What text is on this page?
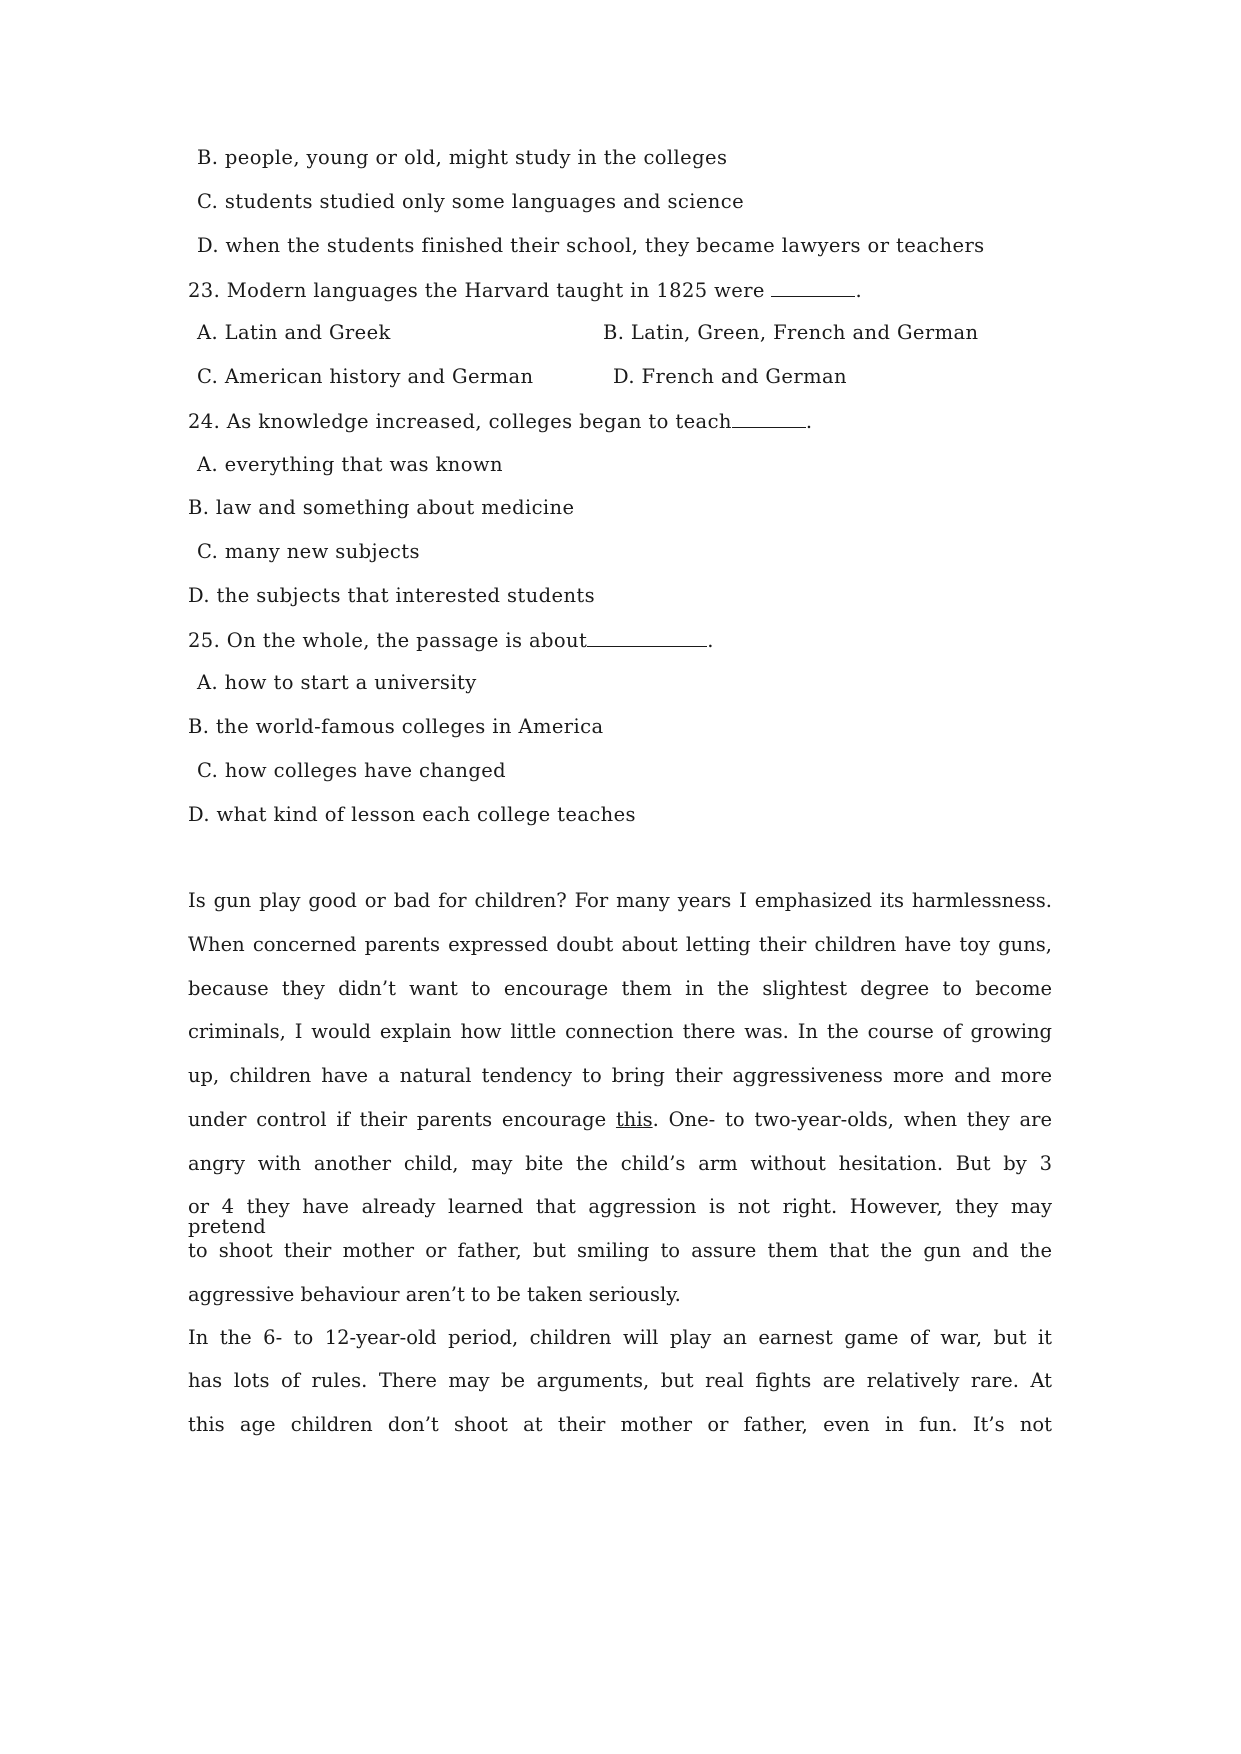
B. people, young or old, might study in the colleges
C. students studied only some languages and science
D. when the students finished their school, they became lawyers or teachers
23. Modern languages the Harvard taught in 1825 were	.
A. Latin and Greek	B. Latin, Green, French and German
C. American history and German	D. French and German
24. As knowledge increased, colleges began to teach	.
A. everything that was known
B. law and something about medicine
C. many new subjects
D. the subjects that interested students
25. On the whole, the passage is about	.
A. how to start a university
B. the world-famous colleges in America
C. how colleges have changed
D. what kind of lesson each college teaches
Is gun play good or bad for children? For many years I emphasized its harmlessness.
When concerned parents expressed doubt about letting their children have toy guns,
because they didn’t want to encourage them in the slightest degree to become
criminals, I would explain how little connection there was. In the course of growing
up, children have a natural tendency to bring their aggressiveness more and more
under control if their parents encourage this. One- to two-year-olds, when they are
angry with another child, may bite the child’s arm without hesitation. But by 3
or 4 they have already learned that aggression is not right. However, they may pretend
to shoot their mother or father, but smiling to assure them that the gun and the
aggressive behaviour aren’t to be taken seriously.
In the 6- to 12-year-old period, children will play an earnest game of war, but it
has lots of rules. There may be arguments, but real fights are relatively rare. At
this age children don’t shoot at their mother or father, even in fun. It’s not
